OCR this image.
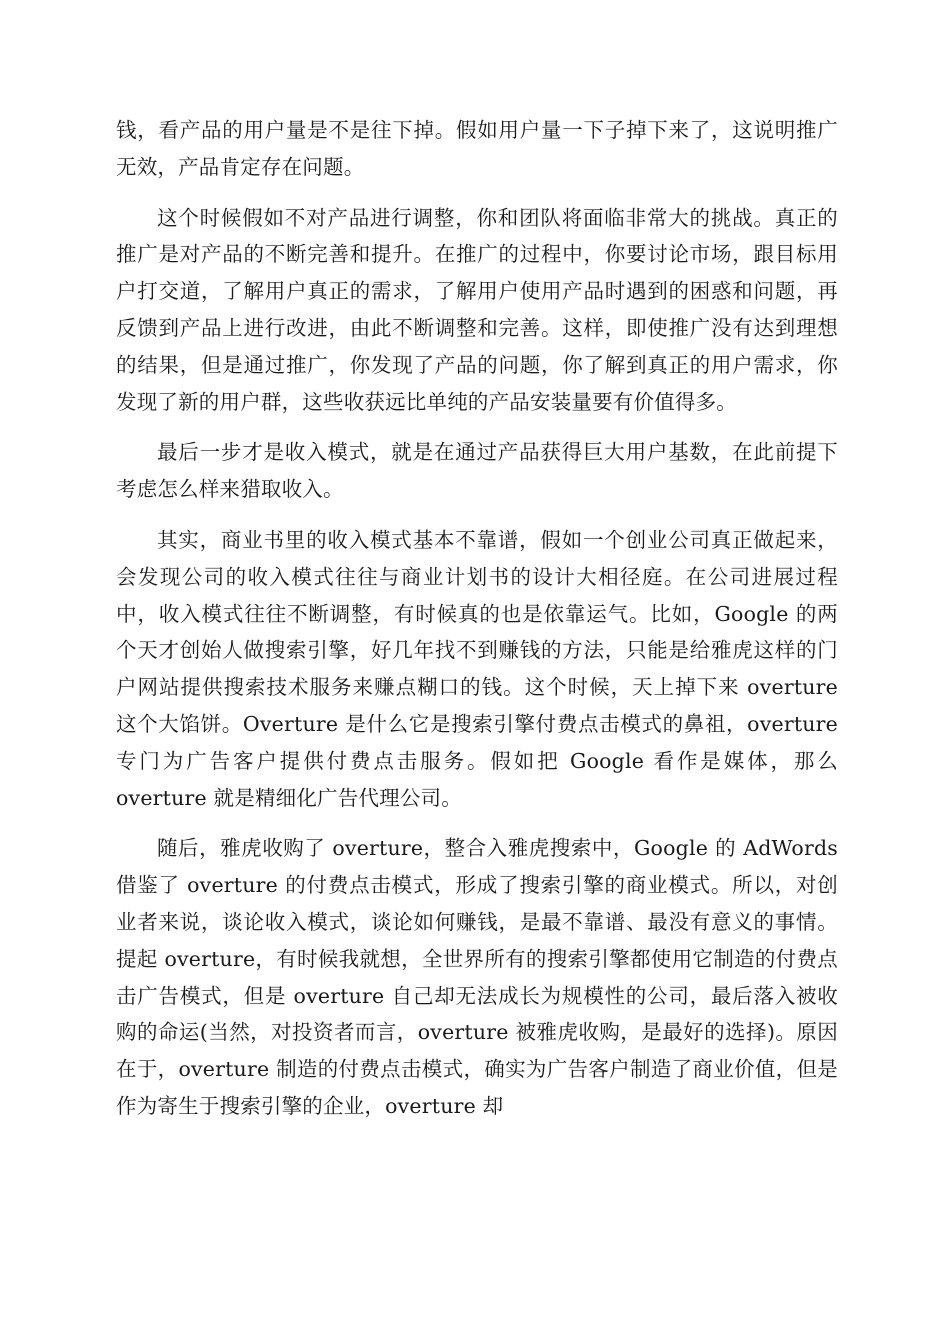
钱，看产品的用户量是不是往下掉。假如用户量一下子掉下来了，这说明推广无效，产品肯定存在问题。

这个时候假如不对产品进行调整，你和团队将面临非常大的挑战。真正的推广是对产品的不断完善和提升。在推广的过程中，你要讨论市场，跟目标用户打交道，了解用户真正的需求，了解用户使用产品时遇到的困惑和问题，再反馈到产品上进行改进，由此不断调整和完善。这样，即使推广没有达到理想的结果，但是通过推广，你发现了产品的问题，你了解到真正的用户需求，你发现了新的用户群，这些收获远比单纯的产品安装量要有价值得多。

最后一步才是收入模式，就是在通过产品获得巨大用户基数，在此前提下考虑怎么样来猎取收入。

其实，商业书里的收入模式基本不靠谱，假如一个创业公司真正做起来，会发现公司的收入模式往往与商业计划书的设计大相径庭。在公司进展过程中，收入模式往往不断调整，有时候真的也是依靠运气。比如，Google 的两个天才创始人做搜索引擎，好几年找不到赚钱的方法，只能是给雅虎这样的门户网站提供搜索技术服务来赚点糊口的钱。这个时候，天上掉下来 overture 这个大馅饼。Overture 是什么它是搜索引擎付费点击模式的鼻祖，overture 专门为广告客户提供付费点击服务。假如把 Google 看作是媒体，那么 overture 就是精细化广告代理公司。

随后，雅虎收购了 overture，整合入雅虎搜索中，Google 的 AdWords 借鉴了 overture 的付费点击模式，形成了搜索引擎的商业模式。所以，对创业者来说，谈论收入模式，谈论如何赚钱，是最不靠谱、最没有意义的事情。提起 overture，有时候我就想，全世界所有的搜索引擎都使用它制造的付费点击广告模式，但是 overture 自己却无法成长为规模性的公司，最后落入被收购的命运(当然，对投资者而言，overture 被雅虎收购，是最好的选择)。原因在于，overture 制造的付费点击模式，确实为广告客户制造了商业价值，但是作为寄生于搜索引擎的企业，overture 却
